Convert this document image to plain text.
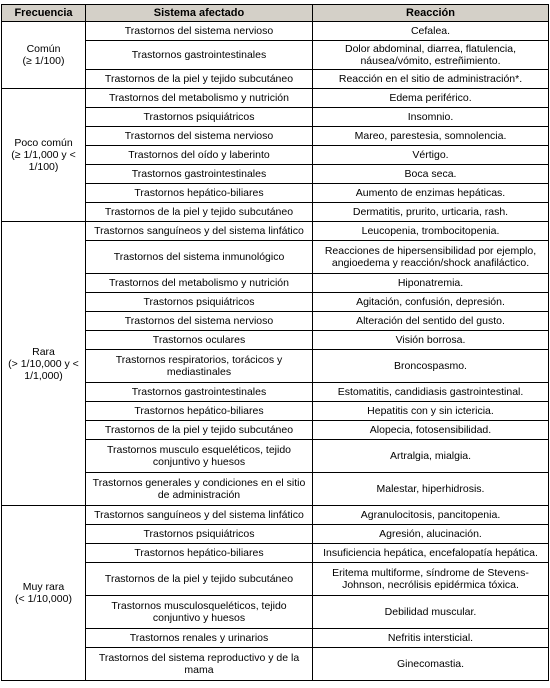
Frecuencia	Sistema afectado	Reacción

Común
(≥ 1/100)	Trastornos del sistema nervioso	Cefalea.
	Trastornos gastrointestinales	Dolor abdominal, diarrea, flatulencia, náusea/vómito, estreñimiento.
	Trastornos de la piel y tejido subcutáneo	Reacción en el sitio de administración*.

Poco común
(≥ 1/1,000 y <
1/100)	Trastornos del metabolismo y nutrición	Edema periférico.
	Trastornos psiquiátricos	Insomnio.
	Trastornos del sistema nervioso	Mareo, parestesia, somnolencia.
	Trastornos del oído y laberinto	Vértigo.
	Trastornos gastrointestinales	Boca seca.
	Trastornos hepático-biliares	Aumento de enzimas hepáticas.
	Trastornos de la piel y tejido subcutáneo	Dermatitis, prurito, urticaria, rash.

Rara
(> 1/10,000 y <
1/1,000)	Trastornos sanguíneos y del sistema linfático	Leucopenia, trombocitopenia.
	Trastornos del sistema inmunológico	Reacciones de hipersensibilidad por ejemplo, angioedema y reacción/shock anafiláctico.
	Trastornos del metabolismo y nutrición	Hiponatremia.
	Trastornos psiquiátricos	Agitación, confusión, depresión.
	Trastornos del sistema nervioso	Alteración del sentido del gusto.
	Trastornos oculares	Visión borrosa.
	Trastornos respiratorios, torácicos y mediastinales	Broncospasmo.
	Trastornos gastrointestinales	Estomatitis, candidiasis gastrointestinal.
	Trastornos hepático-biliares	Hepatitis con y sin ictericia.
	Trastornos de la piel y tejido subcutáneo	Alopecia, fotosensibilidad.
	Trastornos musculo esqueléticos, tejido conjuntivo y huesos	Artralgia, mialgia.
	Trastornos generales y condiciones en el sitio de administración	Malestar, hiperhidrosis.

Muy rara
(< 1/10,000)	Trastornos sanguíneos y del sistema linfático	Agranulocitosis, pancitopenia.
	Trastornos psiquiátricos	Agresión, alucinación.
	Trastornos hepático-biliares	Insuficiencia hepática, encefalopatía hepática.
	Trastornos de la piel y tejido subcutáneo	Eritema multiforme, síndrome de Stevens-Johnson, necrólisis epidérmica tóxica.
	Trastornos musculosqueléticos, tejido conjuntivo y huesos	Debilidad muscular.
	Trastornos renales y urinarios	Nefritis intersticial.
	Trastornos del sistema reproductivo y de la mama	Ginecomastia.
